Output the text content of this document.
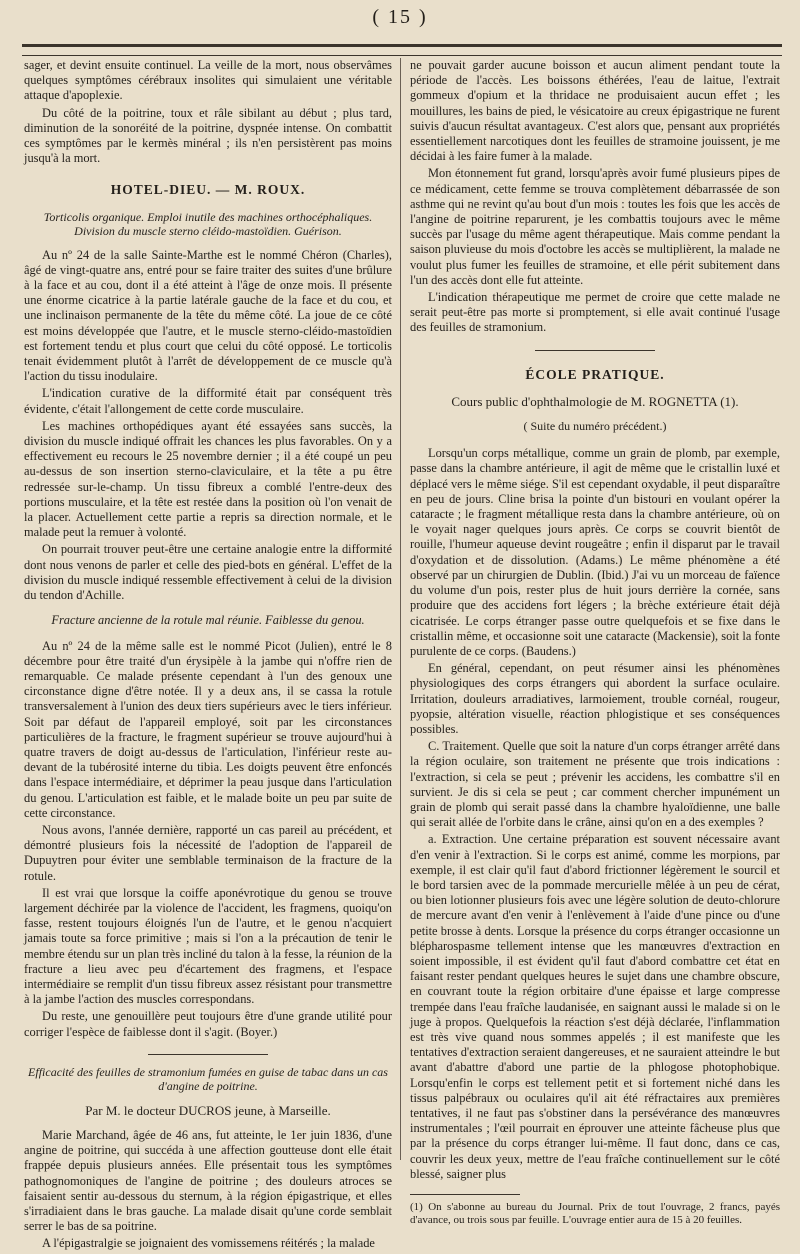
( 15 )

sager, et devint ensuite continuel. La veille de la mort, nous observâmes quelques symptômes cérébraux insolites qui simulaient une véritable attaque d'apoplexie.

Du côté de la poitrine, toux et râle sibilant au début ; plus tard, diminution de la sonoréité de la poitrine, dyspnée intense. On combattit ces symptômes par le kermès minéral ; ils n'en persistèrent pas moins jusqu'à la mort.

HOTEL-DIEU. — M. ROUX.
Torticolis organique. Emploi inutile des machines orthocéphaliques. Division du muscle sterno cléido-mastoïdien. Guérison.

Au nº 24 de la salle Sainte-Marthe est le nommé Chéron (Charles), âgé de vingt-quatre ans, entré pour se faire traiter des suites d'une brûlure à la face et au cou, dont il a été atteint à l'âge de onze mois. Il présente une énorme cicatrice à la partie latérale gauche de la face et du cou, et une inclinaison permanente de la tête du même côté. La joue de ce côté est moins développée que l'autre, et le muscle sterno-cléido-mastoïdien est fortement tendu et plus court que celui du côté opposé. Le torticolis tenait évidemment plutôt à l'arrêt de développement de ce muscle qu'à l'action du tissu inodulaire.

L'indication curative de la difformité était par conséquent très évidente, c'était l'allongement de cette corde musculaire.

Les machines orthopédiques ayant été essayées sans succès, la division du muscle indiqué offrait les chances les plus favorables. On y a effectivement eu recours le 25 novembre dernier ; il a été coupé un peu au-dessus de son insertion sterno-claviculaire, et la tête a pu être redressée sur-le-champ. Un tissu fibreux a comblé l'entre-deux des portions musculaire, et la tête est restée dans la position où l'on venait de la placer. Actuellement cette partie a repris sa direction normale, et le malade peut la remuer à volonté.

On pourrait trouver peut-être une certaine analogie entre la difformité dont nous venons de parler et celle des pied-bots en général. L'effet de la division du muscle indiqué ressemble effectivement à celui de la division du tendon d'Achille.

Fracture ancienne de la rotule mal réunie. Faiblesse du genou.

Au nº 24 de la même salle est le nommé Picot (Julien), entré le 8 décembre pour être traité d'un érysipèle à la jambe qui n'offre rien de remarquable. Ce malade présente cependant à l'un des genoux une circonstance digne d'être notée. Il y a deux ans, il se cassa la rotule transversalement à l'union des deux tiers supérieurs avec le tiers inférieur. Soit par défaut de l'appareil employé, soit par les circonstances particulières de la fracture, le fragment supérieur se trouve aujourd'hui à quatre travers de doigt au-dessus de l'articulation, l'inférieur reste au-devant de la tubérosité interne du tibia. Les doigts peuvent être enfoncés dans l'espace intermédiaire, et déprimer la peau jusque dans l'articulation du genou. L'articulation est faible, et le malade boite un peu par suite de cette circonstance.

Nous avons, l'année dernière, rapporté un cas pareil au précédent, et démontré plusieurs fois la nécessité de l'adoption de l'appareil de Dupuytren pour éviter une semblable terminaison de la fracture de la rotule.

Il est vrai que lorsque la coiffe aponévrotique du genou se trouve largement déchirée par la violence de l'accident, les fragmens, quoiqu'on fasse, restent toujours éloignés l'un de l'autre, et le genou n'acquiert jamais toute sa force primitive ; mais si l'on a la précaution de tenir le membre étendu sur un plan très incliné du talon à la fesse, la réunion de la fracture a lieu avec peu d'écartement des fragmens, et l'espace intermédiaire se remplit d'un tissu fibreux assez résistant pour transmettre à la jambe l'action des muscles correspondans.

Du reste, une genouillère peut toujours être d'une grande utilité pour corriger l'espèce de faiblesse dont il s'agit. (Boyer.)

Efficacité des feuilles de stramonium fumées en guise de tabac dans un cas d'angine de poitrine.
Par M. le docteur DUCROS jeune, à Marseille.

Marie Marchand, âgée de 46 ans, fut atteinte, le 1er juin 1836, d'une angine de poitrine, qui succéda à une affection goutteuse dont elle était frappée depuis plusieurs années. Elle présentait tous les symptômes pathognomoniques de l'angine de poitrine ; des douleurs atroces se faisaient sentir au-dessous du sternum, à la région épigastrique, et elles s'irradiaient dans le bras gauche. La malade disait qu'une corde semblait serrer le bas de sa poitrine.

A l'épigastralgie se joignaient des vomissemens réitérés ; la malade

ne pouvait garder aucune boisson et aucun aliment pendant toute la période de l'accès. Les boissons éthérées, l'eau de laitue, l'extrait gommeux d'opium et la thridace ne produisaient aucun effet ; les mouillures, les bains de pied, le vésicatoire au creux épigastrique ne furent suivis d'aucun résultat avantageux. C'est alors que, pensant aux propriétés essentiellement narcotiques dont les feuilles de stramoine jouissent, je me décidai à les faire fumer à la malade.

Mon étonnement fut grand, lorsqu'après avoir fumé plusieurs pipes de ce médicament, cette femme se trouva complètement débarrassée de son asthme qui ne revint qu'au bout d'un mois : toutes les fois que les accès de l'angine de poitrine reparurent, je les combattis toujours avec le même succès par l'usage du même agent thérapeutique. Mais comme pendant la saison pluvieuse du mois d'octobre les accès se multiplièrent, la malade ne voulut plus fumer les feuilles de stramoine, et elle périt subitement dans l'un des accès dont elle fut atteinte.

L'indication thérapeutique me permet de croire que cette malade ne serait peut-être pas morte si promptement, si elle avait continué l'usage des feuilles de stramonium.

ÉCOLE PRATIQUE.
Cours public d'ophthalmologie de M. ROGNETTA (1).
( Suite du numéro précédent.)

Lorsqu'un corps métallique, comme un grain de plomb, par exemple, passe dans la chambre antérieure, il agit de même que le cristallin luxé et déplacé vers le même siége. S'il est cependant oxydable, il peut disparaître en peu de jours. Cline brisa la pointe d'un bistouri en voulant opérer la cataracte ; le fragment métallique resta dans la chambre antérieure, où on le voyait nager quelques jours après. Ce corps se couvrit bientôt de rouille, l'humeur aqueuse devint rougeâtre ; enfin il disparut par le travail d'oxydation et de dissolution. (Adams.) Le même phénomène a été observé par un chirurgien de Dublin. (Ibid.) J'ai vu un morceau de faïence du volume d'un pois, rester plus de huit jours derrière la cornée, sans produire que des accidens fort légers ; la brèche extérieure était déjà cicatrisée. Le corps étranger passe outre quelquefois et se fixe dans le cristallin même, et occasionne soit une cataracte (Mackensie), soit la fonte purulente de ce corps. (Baudens.)

En général, cependant, on peut résumer ainsi les phénomènes physiologiques des corps étrangers qui abordent la surface oculaire. Irritation, douleurs arradiatives, larmoiement, trouble cornéal, rougeur, pyopsie, altération visuelle, réaction phlogistique et ses conséquences possibles.

C. Traitement. Quelle que soit la nature d'un corps étranger arrêté dans la région oculaire, son traitement ne présente que trois indications : l'extraction, si cela se peut ; prévenir les accidens, les combattre s'il en survient. Je dis si cela se peut ; car comment chercher impunément un grain de plomb qui serait passé dans la chambre hyaloïdienne, une balle qui serait allée de l'orbite dans le crâne, ainsi qu'on en a des exemples ?

a. Extraction. Une certaine préparation est souvent nécessaire avant d'en venir à l'extraction. Si le corps est animé, comme les morpions, par exemple, il est clair qu'il faut d'abord frictionner légèrement le sourcil et le bord tarsien avec de la pommade mercurielle mêlée à un peu de cérat, ou bien lotionner plusieurs fois avec une légère solution de deuto-chlorure de mercure avant d'en venir à l'enlèvement à l'aide d'une pince ou d'une petite brosse à dents. Lorsque la présence du corps étranger occasionne un blépharospasme tellement intense que les manœuvres d'extraction en soient impossible, il est évident qu'il faut d'abord combattre cet état en faisant rester pendant quelques heures le sujet dans une chambre obscure, en couvrant toute la région orbitaire d'une épaisse et large compresse trempée dans l'eau fraîche laudanisée, en saignant aussi le malade si on le juge à propos. Quelquefois la réaction s'est déjà déclarée, l'inflammation est très vive quand nous sommes appelés ; il est manifeste que les tentatives d'extraction seraient dangereuses, et ne sauraient atteindre le but avant d'abattre d'abord une partie de la phlogose photophobique. Lorsqu'enfin le corps est tellement petit et si fortement niché dans les tissus palpébraux ou oculaires qu'il ait été réfractaires aux premières tentatives, il ne faut pas s'obstiner dans la persévérance des manœuvres instrumentales ; l'œil pourrait en éprouver une atteinte fâcheuse plus que par la présence du corps étranger lui-même. Il faut donc, dans ce cas, couvrir les deux yeux, mettre de l'eau fraîche continuellement sur le côté blessé, saigner plus

(1) On s'abonne au bureau du Journal. Prix de tout l'ouvrage, 2 francs, payés d'avance, ou trois sous par feuille. L'ouvrage entier aura de 15 à 20 feuilles.
